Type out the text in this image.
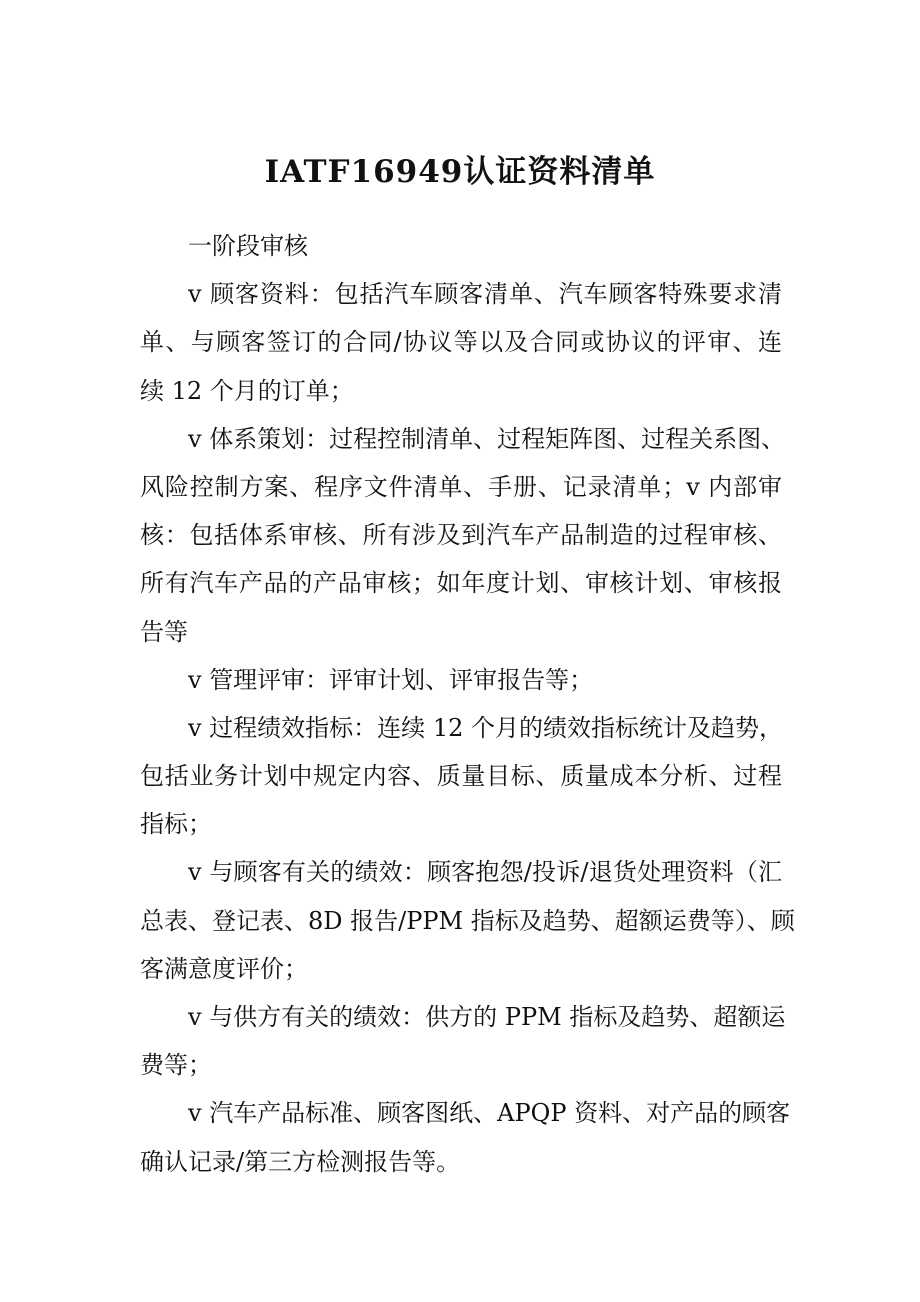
IATF16949认证资料清单
一阶段审核
v 顾客资料：包括汽车顾客清单、汽车顾客特殊要求清
单、与顾客签订的合同/协议等以及合同或协议的评审、连
续 12 个月的订单；
v 体系策划：过程控制清单、过程矩阵图、过程关系图、
风险控制方案、程序文件清单、手册、记录清单；v 内部审
核：包括体系审核、所有涉及到汽车产品制造的过程审核、
所有汽车产品的产品审核；如年度计划、审核计划、审核报
告等
v 管理评审：评审计划、评审报告等；
v 过程绩效指标：连续 12 个月的绩效指标统计及趋势，
包括业务计划中规定内容、质量目标、质量成本分析、过程
指标；
v 与顾客有关的绩效：顾客抱怨/投诉/退货处理资料（汇
总表、登记表、8D 报告/PPM 指标及趋势、超额运费等）、顾
客满意度评价；
v 与供方有关的绩效：供方的 PPM 指标及趋势、超额运
费等；
v 汽车产品标准、顾客图纸、APQP 资料、对产品的顾客
确认记录/第三方检测报告等。
